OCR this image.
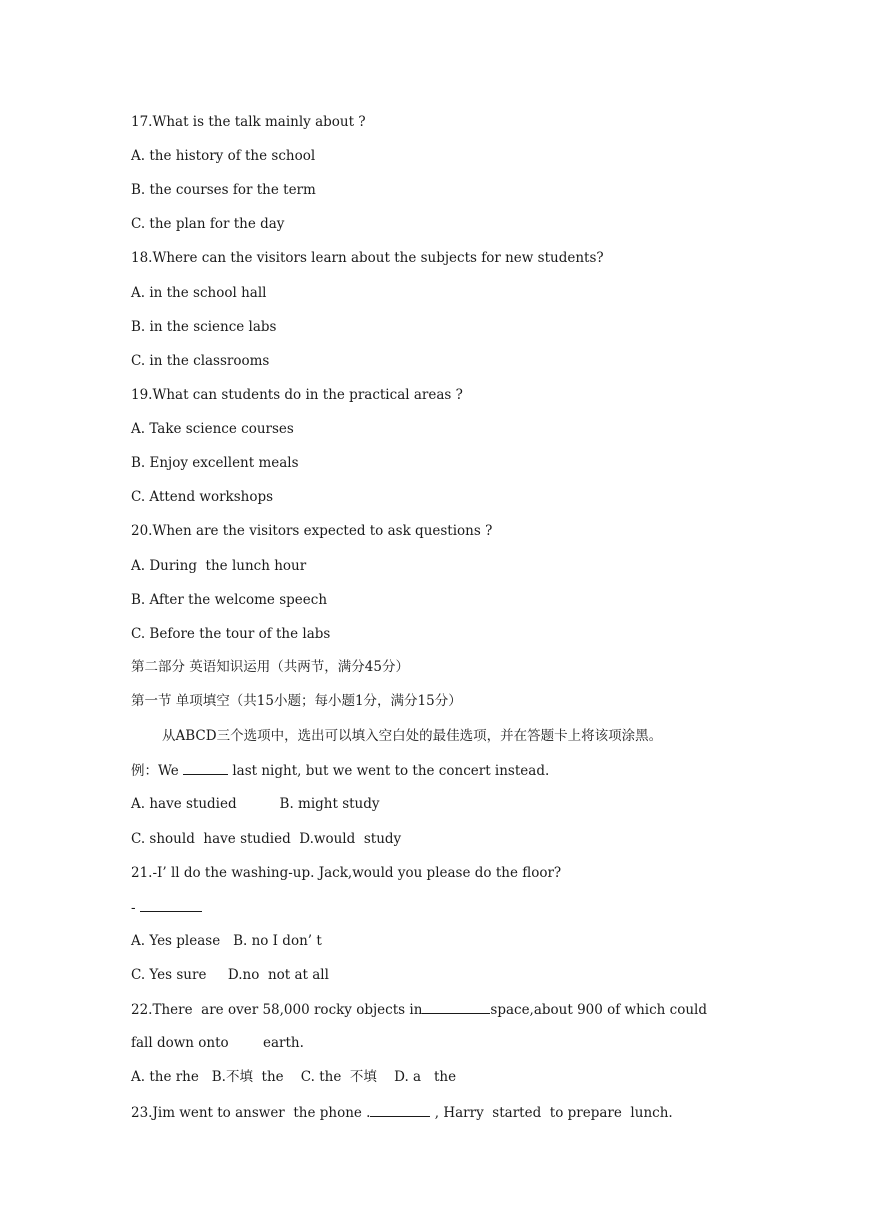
17.What is the talk mainly about ?
A. the history of the school
B. the courses for the term
C. the plan for the day
18.Where can the visitors learn about the subjects for new students?
A. in the school hall
B. in the science labs
C. in the classrooms
19.What can students do in the practical areas ?
A. Take science courses
B. Enjoy excellent meals
C. Attend workshops
20.When are the visitors expected to ask questions ?
A. During  the lunch hour
B. After the welcome speech
C. Before the tour of the labs
第二部分 英语知识运用（共两节，满分45分）
第一节 单项填空（共15小题；每小题1分，满分15分）
从ABCD三个选项中，选出可以填入空白处的最佳选项，并在答题卡上将该项涂黑。
例：We	last night, but we went to the concert instead.
A. have studied          B. might study
C. should  have studied  D.would  study
21.-I’ ll do the washing-up. Jack,would you please do the floor?
-
A. Yes please   B. no I don’ t
C. Yes sure     D.no  not at all
22.There  are over 58,000 rocky objects in	space,about 900 of which could
fall down onto        earth.
A. the rhe   B.不填  the    C. the  不填    D. a   the
23.Jim went to answer  the phone .	, Harry  started  to prepare  lunch.
